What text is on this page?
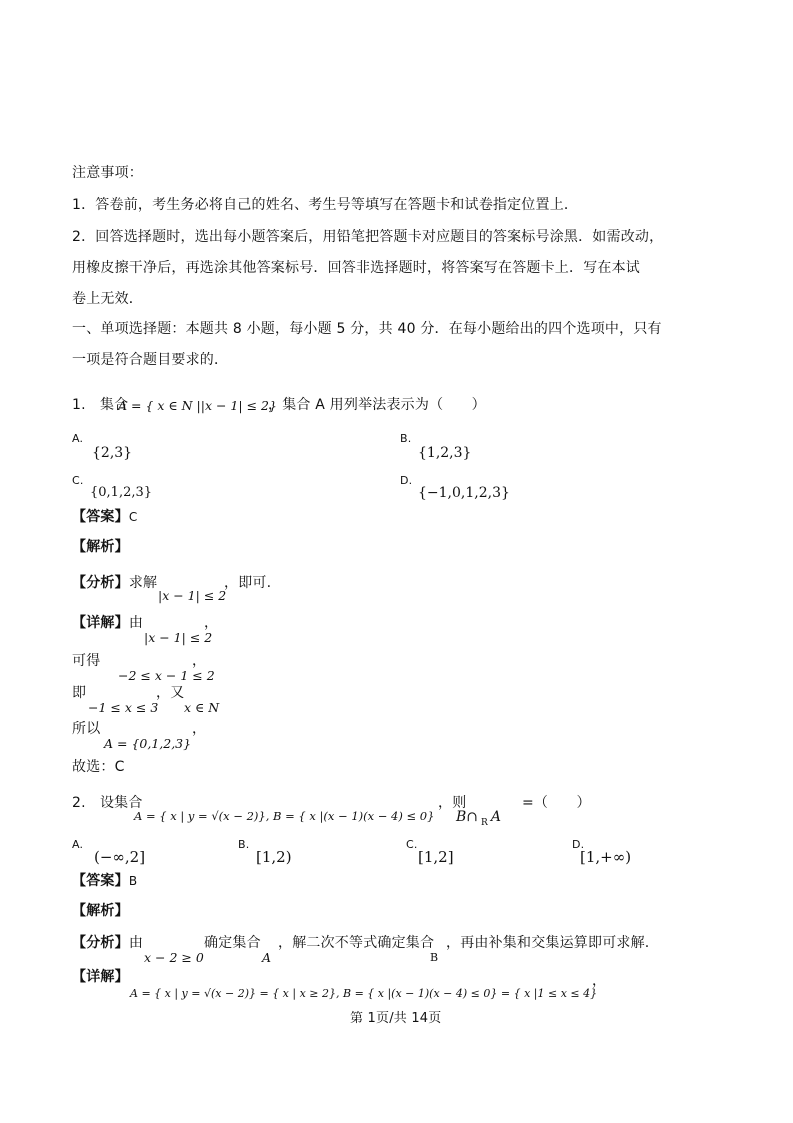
注意事项：
1．答卷前，考生务必将自己的姓名、考生号等填写在答题卡和试卷指定位置上．
2．回答选择题时，选出每小题答案后，用铅笔把答题卡对应题目的答案标号涂黑．如需改动，
用橡皮擦干净后，再选涂其他答案标号．回答非选择题时，将答案写在答题卡上．写在本试
卷上无效．
一、单项选择题：本题共 8 小题，每小题 5 分，共 40 分．在每小题给出的四个选项中，只有
一项是符合题目要求的．
1.　集合
A = { x ∈ N ||x − 1| ≤ 2}
，集合 A 用列举法表示为（　　）
A.
{2,3}
B.
{1,2,3}
C.
{0,1,2,3}
D.
{−1,0,1,2,3}
【答案】C
【解析】
【分析】求解
|x − 1| ≤ 2
，即可.
【详解】由
|x − 1| ≤ 2
，
可得
−2 ≤ x − 1 ≤ 2
，
即	，又
−1 ≤ x ≤ 3 x ∈ N
所以
A = {0,1,2,3}
，
故选：C
2.　设集合
A = { x | y = √(x − 2)}, B = { x |(x − 1)(x − 4) ≤ 0}
，则
B∩ $_R$ A
=（　　）
A.
(−∞,2]
B.
[1,2)
C.
[1,2]
D.
[1,+∞)
【答案】B
【解析】
【分析】由
x − 2 ≥ 0
确定集合
A
，解二次不等式确定集合
B
，再由补集和交集运算即可求解.
【详解】
A = { x | y = √(x − 2)} = { x | x ≥ 2}, B = { x |(x − 1)(x − 4) ≤ 0} = { x |1 ≤ x ≤ 4}
，
第 1页/共 14页
